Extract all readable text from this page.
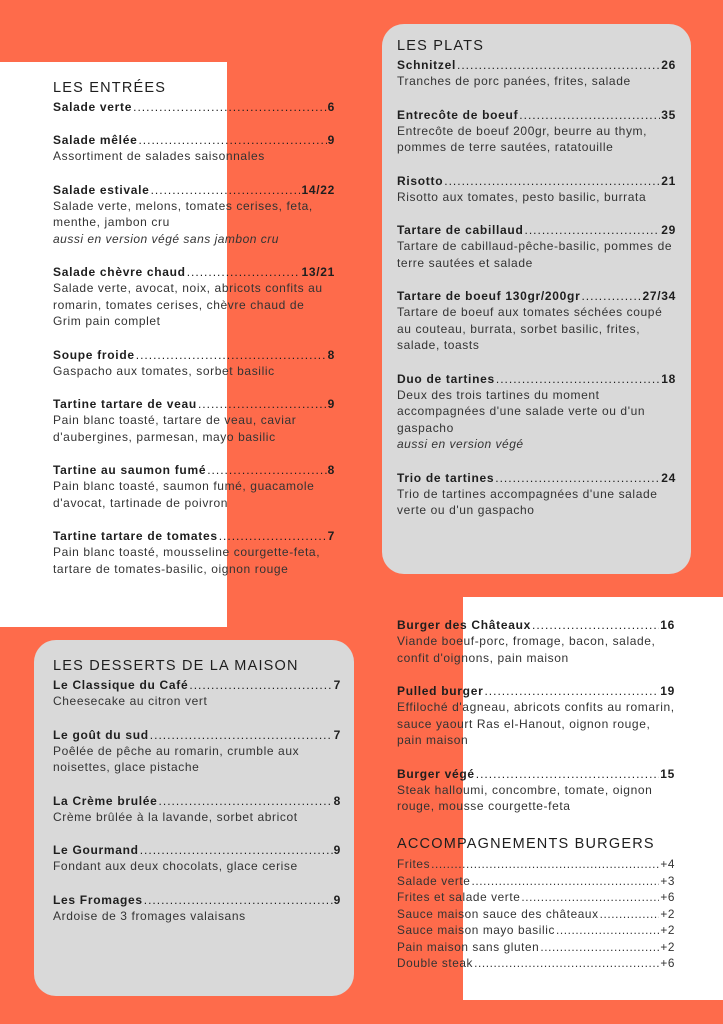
LES ENTRÉES
Salade verte .....	6
Salade mêlée .....	9
Assortiment de salades saisonnales
Salade estivale .....	14/22
Salade verte, melons, tomates cerises, feta, menthe, jambon cru
aussi en version végé sans jambon cru
Salade chèvre chaud .....	13/21
Salade verte, avocat, noix, abricots confits au romarin, tomates cerises, chèvre chaud de Grim pain complet
Soupe froide .....	8
Gaspacho aux tomates, sorbet basilic
Tartine tartare de veau .....	9
Pain blanc toasté, tartare de veau, caviar d'aubergines, parmesan, mayo basilic
Tartine au saumon fumé .....	8
Pain blanc toasté, saumon fumé, guacamole d'avocat, tartinade de poivron
Tartine tartare de tomates .....	7
Pain blanc toasté, mousseline courgette-feta, tartare de tomates-basilic, oignon rouge
LES PLATS
Schnitzel .....	26
Tranches de porc panées, frites, salade
Entrecôte de boeuf .....	35
Entrecôte de boeuf 200gr, beurre au thym, pommes de terre sautées, ratatouille
Risotto .....	21
Risotto aux tomates, pesto basilic, burrata
Tartare de cabillaud .....	29
Tartare de cabillaud-pêche-basilic, pommes de terre sautées et salade
Tartare de boeuf 130gr/200gr .....	27/34
Tartare de boeuf aux tomates séchées coupé au couteau, burrata, sorbet basilic, frites, salade, toasts
Duo de tartines .....	18
Deux des trois tartines du moment accompagnées d'une salade verte ou d'un gaspacho
aussi en version végé
Trio de tartines .....	24
Trio de tartines accompagnées d'une salade verte ou d'un gaspacho
LES DESSERTS DE LA MAISON
Le Classique du Café .....	7
Cheesecake au citron vert
Le goût du sud .....	7
Poêlée de pêche au romarin, crumble aux noisettes, glace pistache
La Crème brulée .....	8
Crème brûlée à la lavande, sorbet abricot
Le Gourmand .....	9
Fondant aux deux chocolats, glace cerise
Les Fromages .....	9
Ardoise de 3 fromages valaisans
Burger des Châteaux .....	16
Viande boeuf-porc, fromage, bacon, salade, confit d'oignons, pain maison
Pulled burger .....	19
Effiloché d'agneau, abricots confits au romarin, sauce yaourt Ras el-Hanout, oignon rouge, pain maison
Burger végé .....	15
Steak halloumi, concombre, tomate, oignon rouge, mousse courgette-feta
ACCOMPAGNEMENTS BURGERS
Frites .....	+4
Salade verte .....	+3
Frites et salade verte .....	+6
Sauce maison sauce des châteaux .....	+2
Sauce maison mayo basilic .....	+2
Pain maison sans gluten .....	+2
Double steak .....	+6
